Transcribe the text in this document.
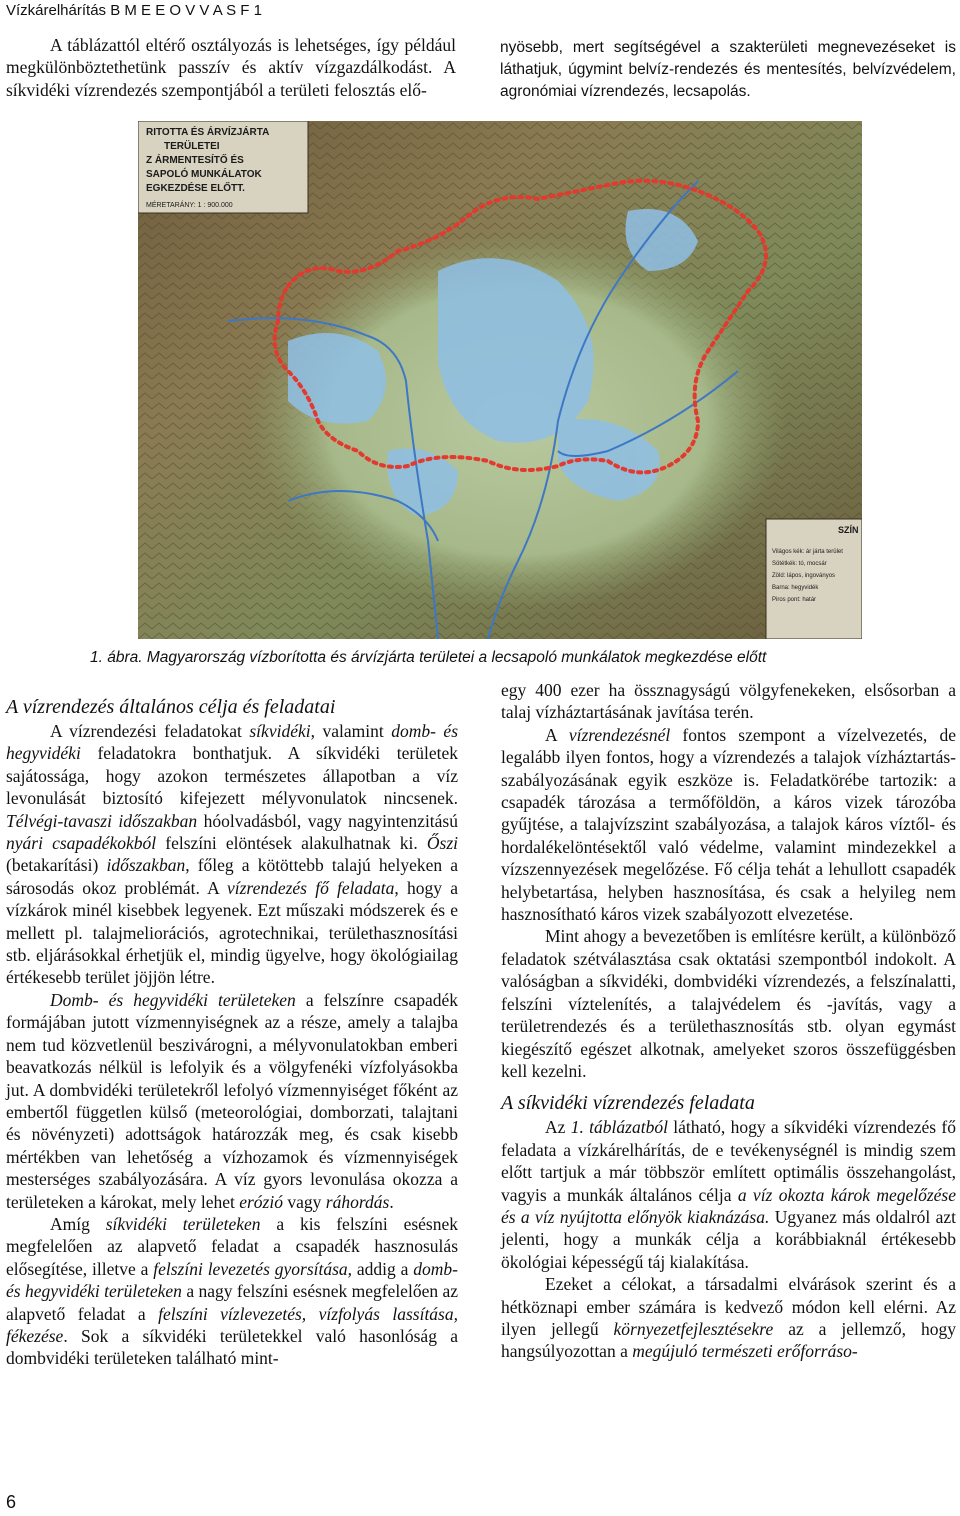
Vízkárelhárítás B M E E O V V A S F 1

A táblázattól eltérő osztályozás is lehetséges, így például megkülönböztethetünk passzív és aktív vízgazdálkodást. A síkvidéki vízrendezés szempontjából a területi felosztás elő-

nyösebb, mert segítségével a szakterületi megnevezéseket is láthatjuk, úgymint belvíz-rendezés és mentesítés, belvízvédelem, agronómiai vízrendezés, lecsapolás.

RITOTTA ÉS ÁRVÍZJÁRTA
TERÜLETEI
Z ÁRMENTESÍTŐ ÉS
SAPOLÓ MUNKÁLATOK
EGKEZDÉSE ELŐTT.
MÉRETARÁNY: 1 : 900.000
SZÍN
Világos kék: ár járta terület
Sötétkék: tó, mocsár
Zöld: lápos, ingoványos
Barna: hegyvidék
Piros pont: határ
1. ábra. Magyarország vízborította és árvízjárta területei a lecsapoló munkálatok megkezdése előtt

A vízrendezés általános célja és feladatai

A vízrendezési feladatokat síkvidéki, valamint domb- és hegyvidéki feladatokra bonthatjuk. A síkvidéki területek sajátossága, hogy azokon természetes állapotban a víz levonulását biztosító kifejezett mélyvonulatok nincsenek. Télvégi-tavaszi időszakban hóolvadásból, vagy nagyintenzitású nyári csapadékokból felszíni elöntések alakulhatnak ki. Őszi (betakarítási) időszakban, főleg a kötöttebb talajú helyeken a sárosodás okoz problémát. A vízrendezés fő feladata, hogy a vízkárok minél kisebbek legyenek. Ezt műszaki módszerek és e mellett pl. talajmeliorációs, agrotechnikai, területhasznosítási stb. eljárásokkal érhetjük el, mindig ügyelve, hogy ökológiailag értékesebb terület jöjjön létre.

Domb- és hegyvidéki területeken a felszínre csapadék formájában jutott vízmennyiségnek az a része, amely a talajba nem tud közvetlenül beszivárogni, a mélyvonulatokban emberi beavatkozás nélkül is lefolyik és a völgyfenéki vízfolyásokba jut. A dombvidéki területekről lefolyó vízmennyiséget főként az embertől független külső (meteorológiai, domborzati, talajtani és növényzeti) adottságok határozzák meg, és csak kisebb mértékben van lehetőség a vízhozamok és vízmennyiségek mesterséges szabályozására. A víz gyors levonulása okozza a területeken a károkat, mely lehet erózió vagy ráhordás.

Amíg síkvidéki területeken a kis felszíni esésnek megfelelően az alapvető feladat a csapadék hasznosulás elősegítése, illetve a felszíni levezetés gyorsítása, addig a domb- és hegyvidéki területeken a nagy felszíni esésnek megfelelően az alapvető feladat a felszíni vízlevezetés, vízfolyás lassítása, fékezése. Sok a síkvidéki területekkel való hasonlóság a dombvidéki területeken található mint-

egy 400 ezer ha össznagyságú völgyfenekeken, elsősorban a talaj vízháztartásának javítása terén.

A vízrendezésnél fontos szempont a vízelvezetés, de legalább ilyen fontos, hogy a vízrendezés a talajok vízháztartás-szabályozásának egyik eszköze is. Feladatkörébe tartozik: a csapadék tározása a termőföldön, a káros vizek tározóba gyűjtése, a talajvízszint szabályozása, a talajok káros víztől- és hordalékelöntésektől való védelme, valamint mindezekkel a vízszennyezések megelőzése. Fő célja tehát a lehullott csapadék helybetartása, helyben hasznosítása, és csak a helyileg nem hasznosítható káros vizek szabályozott elvezetése.

Mint ahogy a bevezetőben is említésre került, a különböző feladatok szétválasztása csak oktatási szempontból indokolt. A valóságban a síkvidéki, dombvidéki vízrendezés, a felszínalatti, felszíni víztelenítés, a talajvédelem és -javítás, vagy a területrendezés és a területhasznosítás stb. olyan egymást kiegészítő egészet alkotnak, amelyeket szoros összefüggésben kell kezelni.

A síkvidéki vízrendezés feladata

Az 1. táblázatból látható, hogy a síkvidéki vízrendezés fő feladata a vízkárelhárítás, de e tevékenységnél is mindig szem előtt tartjuk a már többször említett optimális összehangolást, vagyis a munkák általános célja a víz okozta károk megelőzése és a víz nyújtotta előnyök kiaknázása. Ugyanez más oldalról azt jelenti, hogy a munkák célja a korábbiaknál értékesebb ökológiai képességű táj kialakítása.

Ezeket a célokat, a társadalmi elvárások szerint és a hétköznapi ember számára is kedvező módon kell elérni. Az ilyen jellegű környezetfejlesztésekre az a jellemző, hogy hangsúlyozottan a megújuló természeti erőforráso-

6
